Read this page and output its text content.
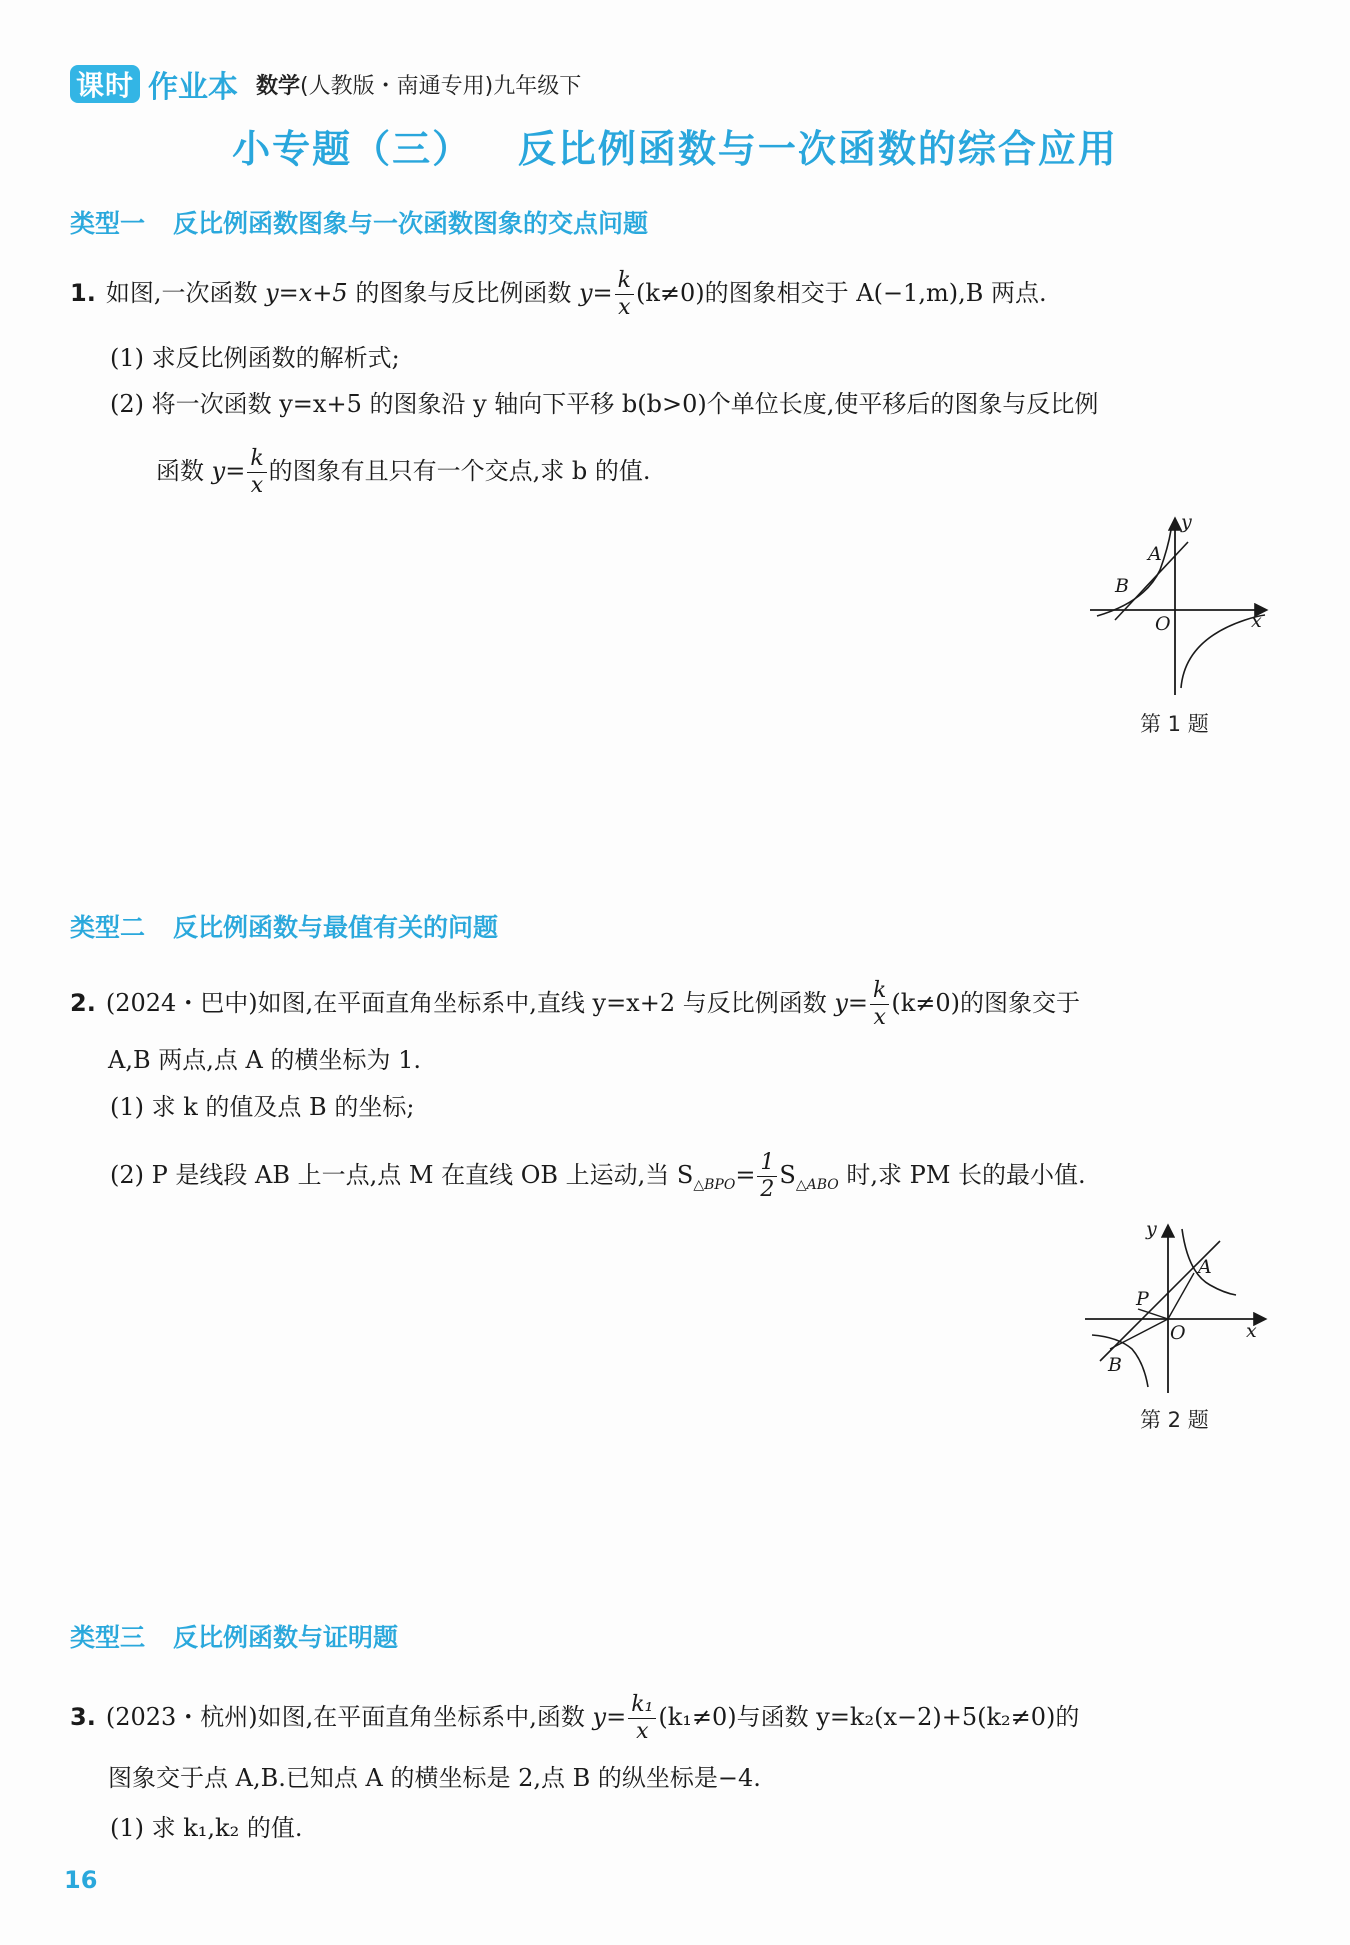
课时 作业本 数学(人教版・南通专用)九年级下
小专题（三）   反比例函数与一次函数的综合应用
类型一 反比例函数图象与一次函数图象的交点问题
1. 如图,一次函数 y=x+5 的图象与反比例函数 $y= \frac{k}{x} (k\ne 0)$的图象相交于 A(−1,m),B 两点.
(1) 求反比例函数的解析式;
(2) 将一次函数 y=x+5 的图象沿 y 轴向下平移 b(b>0)个单位长度,使平移后的图象与反比例
函数 $y= \frac{k}{x}$ 的图象有且只有一个交点,求 b 的值.
y
x
O
A
B
第 1 题
类型二 反比例函数与最值有关的问题
2. (2024・巴中)如图,在平面直角坐标系中,直线 y=x+2 与反比例函数 $y= \frac{k}{x} (k\ne 0)$的图象交于
A,B 两点,点 A 的横坐标为 1.
(1) 求 k 的值及点 B 的坐标;
(2) P 是线段 AB 上一点,点 M 在直线 OB 上运动,当 $S_{\triangle BPO}= \frac{1}{2} S_{\triangle ABO}$ 时,求 PM 长的最小值.
y
x
O
A
B
P
第 2 题
类型三 反比例函数与证明题
3. (2023・杭州)如图,在平面直角坐标系中,函数 $y= \frac{\text{k₁}}{x} (k_1\ne 0)$与函数 y=k₂(x−2)+5(k₂≠0)的
图象交于点 A,B.已知点 A 的横坐标是 2,点 B 的纵坐标是−4.
(1) 求 k₁,k₂ 的值.
16
